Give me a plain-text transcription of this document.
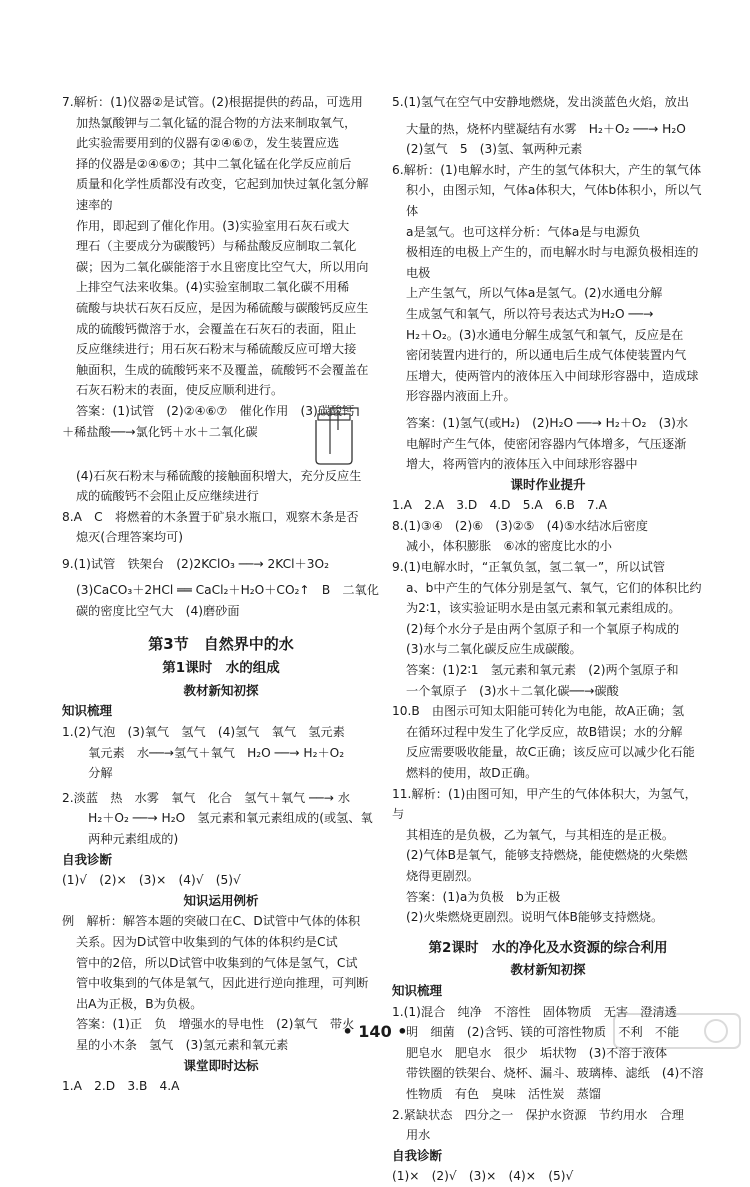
7.解析：(1)仪器②是试管。(2)根据提供的药品，可选用

加热氯酸钾与二氧化锰的混合物的方法来制取氧气，

此实验需要用到的仪器有②④⑥⑦，发生装置应选

择的仪器是②④⑥⑦；其中二氧化锰在化学反应前后

质量和化学性质都没有改变，它起到加快过氧化氢分解速率的

作用，即起到了催化作用。(3)实验室用石灰石或大

理石（主要成分为碳酸钙）与稀盐酸反应制取二氧化

碳；因为二氧化碳能溶于水且密度比空气大，所以用向

上排空气法来收集。(4)实验室制取二氧化碳不用稀

硫酸与块状石灰石反应，是因为稀硫酸与碳酸钙反应生

成的硫酸钙微溶于水，会覆盖在石灰石的表面，阻止

反应继续进行；用石灰石粉末与稀硫酸反应可增大接

触面积，生成的硫酸钙来不及覆盖，硫酸钙不会覆盖在

石灰石粉末的表面，使反应顺利进行。

答案：(1)试管　(2)②④⑥⑦　催化作用　(3)碳酸钙

＋稀盐酸──→氯化钙＋水＋二氧化碳

(4)石灰石粉末与稀硫酸的接触面积增大，充分反应生

成的硫酸钙不会阻止反应继续进行

8.A　C　将燃着的木条置于矿泉水瓶口，观察木条是否

熄灭(合理答案均可)

9.(1)试管　铁架台　(2)2KClO₃ ──→ 2KCl＋3O₂

(3)CaCO₃＋2HCl ══ CaCl₂＋H₂O＋CO₂↑　B　二氧化

碳的密度比空气大　(4)磨砂面

第3节　自然界中的水
第1课时　水的组成
教材新知初探
知识梳理

1.(2)气泡　(3)氧气　氢气　(4)氢气　氧气　氢元素

　氧元素　水──→氢气＋氧气　H₂O ──→ H₂＋O₂

　分解

2.淡蓝　热　水雾　氧气　化合　氢气＋氧气 ──→ 水

　H₂＋O₂ ──→ H₂O　氢元素和氧元素组成的(或氢、氧

　两种元素组成的)

自我诊断

(1)√　(2)×　(3)×　(4)√　(5)√

知识运用例析

例　解析：解答本题的突破口在C、D试管中气体的体积

关系。因为D试管中收集到的气体的体积约是C试

管中的2倍，所以D试管中收集到的气体是氢气，C试

管中收集到的气体是氧气，因此进行逆向推理，可判断

出A为正极，B为负极。

答案：(1)正　负　增强水的导电性　(2)氧气　带火

星的小木条　氢气　(3)氢元素和氧元素

课堂即时达标

1.A　2.D　3.B　4.A

5.(1)氢气在空气中安静地燃烧，发出淡蓝色火焰，放出

大量的热，烧杯内壁凝结有水雾　H₂＋O₂ ──→ H₂O

(2)氢气　5　(3)氢、氧两种元素

6.解析：(1)电解水时，产生的氢气体积大，产生的氧气体

积小，由图示知，气体a体积大，气体b体积小，所以气体

a是氢气。也可这样分析：气体a是与电源负

极相连的电极上产生的，而电解水时与电源负极相连的电极

上产生氢气，所以气体a是氢气。(2)水通电分解

生成氢气和氧气，所以符号表达式为H₂O ──→

H₂＋O₂。(3)水通电分解生成氢气和氧气，反应是在

密闭装置内进行的，所以通电后生成气体使装置内气

压增大，使两管内的液体压入中间球形容器中，造成球

形容器内液面上升。

答案：(1)氢气(或H₂)　(2)H₂O ──→ H₂＋O₂　(3)水

电解时产生气体，使密闭容器内气体增多，气压逐渐

增大，将两管内的液体压入中间球形容器中

课时作业提升

1.A　2.A　3.D　4.D　5.A　6.B　7.A

8.(1)③④　(2)⑥　(3)②⑤　(4)⑤水结冰后密度

减小，体积膨胀　⑥冰的密度比水的小

9.(1)电解水时，“正氧负氢，氢二氧一”，所以试管

a、b中产生的气体分别是氢气、氧气，它们的体积比约

为2∶1，该实验证明水是由氢元素和氧元素组成的。

(2)每个水分子是由两个氢原子和一个氧原子构成的

(3)水与二氧化碳反应生成碳酸。

答案：(1)2∶1　氢元素和氧元素　(2)两个氢原子和

一个氧原子　(3)水＋二氧化碳──→碳酸

10.B　由图示可知太阳能可转化为电能，故A正确；氢

在循环过程中发生了化学反应，故B错误；水的分解

反应需要吸收能量，故C正确；该反应可以减少化石能

燃料的使用，故D正确。

11.解析：(1)由图可知，甲产生的气体体积大，为氢气，与

其相连的是负极，乙为氧气，与其相连的是正极。

(2)气体B是氧气，能够支持燃烧，能使燃烧的火柴燃

烧得更剧烈。

答案：(1)a为负极　b为正极

(2)火柴燃烧更剧烈。说明气体B能够支持燃烧。

第2课时　水的净化及水资源的综合利用
教材新知初探
知识梳理

1.(1)混合　纯净　不溶性　固体物质　无害　澄清透

明　细菌　(2)含钙、镁的可溶性物质　不利　不能

肥皂水　肥皂水　很少　垢状物　(3)不溶于液体

带铁圈的铁架台、烧杯、漏斗、玻璃棒、滤纸　(4)不溶

性物质　有色　臭味　活性炭　蒸馏

2.紧缺状态　四分之一　保护水资源　节约用水　合理

用水

自我诊断

(1)×　(2)√　(3)×　(4)×　(5)√

• 140 •
